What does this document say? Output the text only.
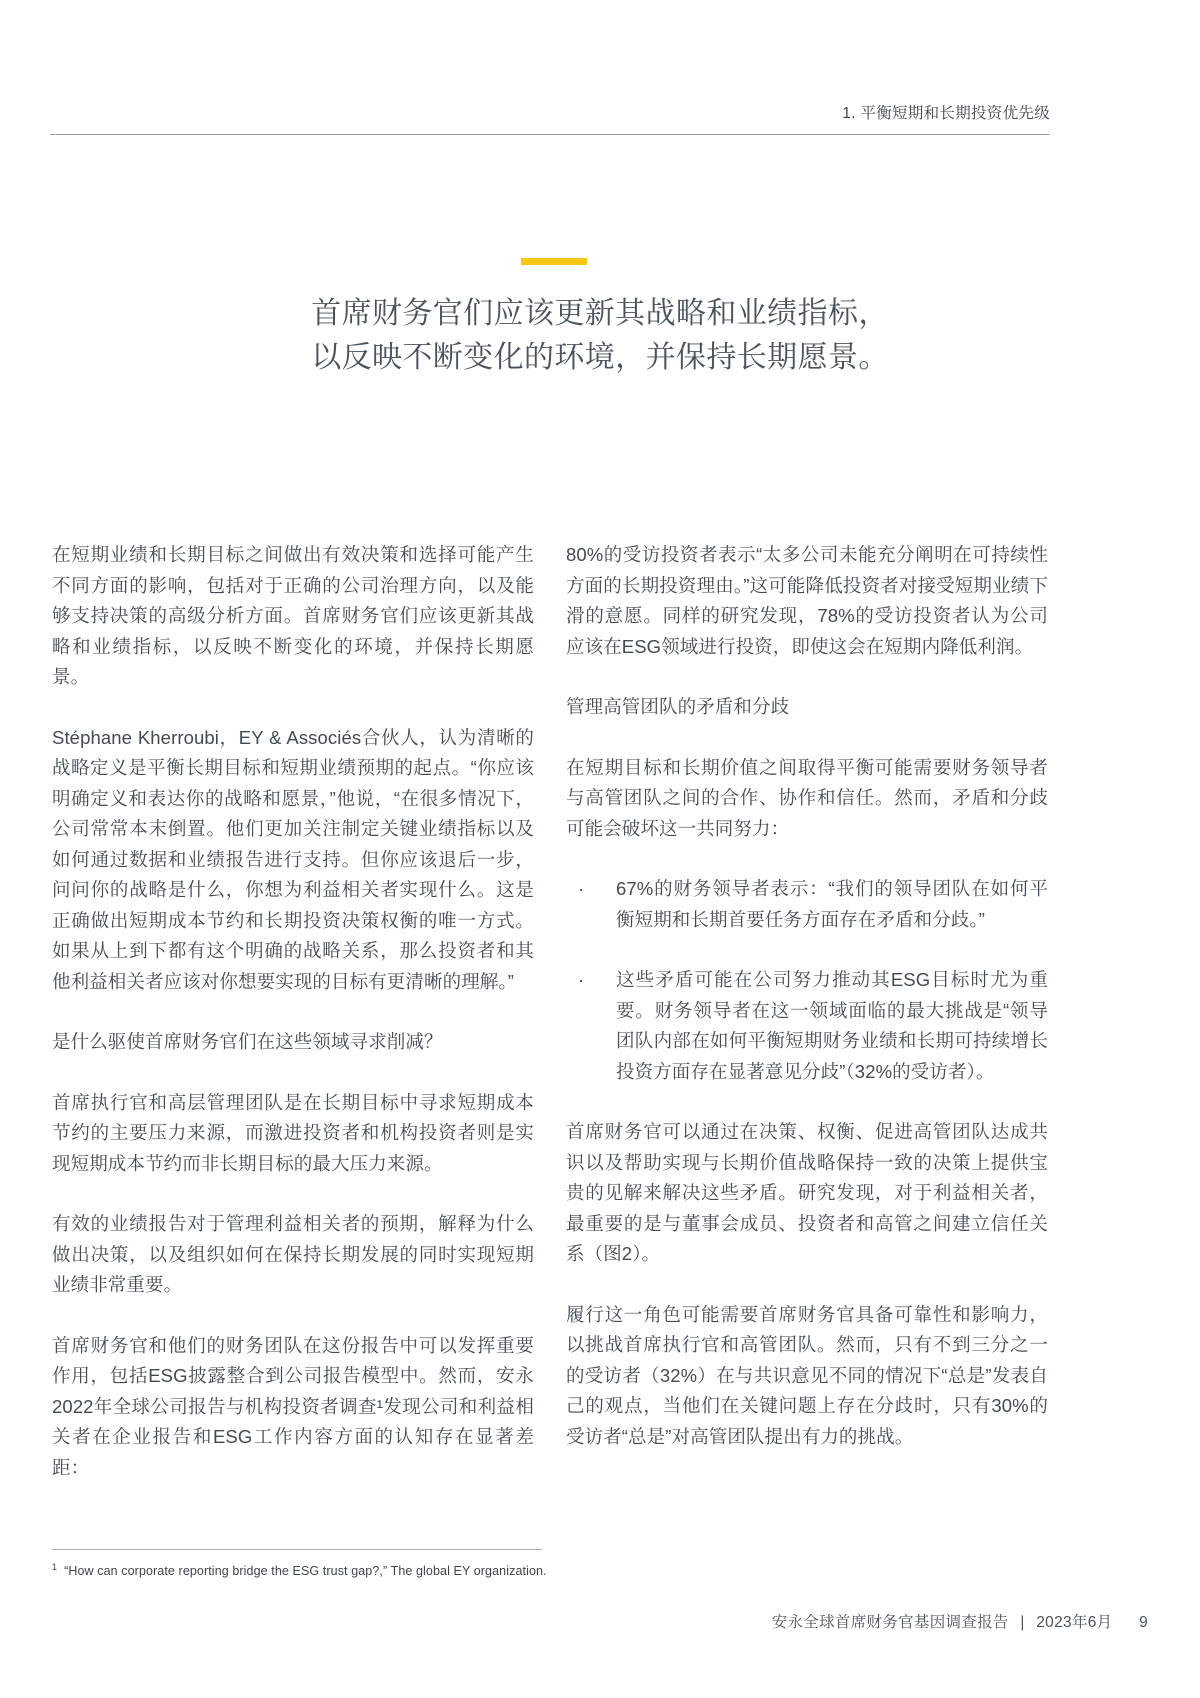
1. 平衡短期和长期投资优先级
首席财务官们应该更新其战略和业绩指标，
以反映不断变化的环境，并保持长期愿景。

在短期业绩和长期目标之间做出有效决策和选择可能产生不同方面的影响，包括对于正确的公司治理方向，以及能够支持决策的高级分析方面。首席财务官们应该更新其战略和业绩指标，以反映不断变化的环境，并保持长期愿景。

Stéphane Kherroubi，EY & Associés合伙人，认为清晰的战略定义是平衡长期目标和短期业绩预期的起点。“你应该明确定义和表达你的战略和愿景，”他说，“在很多情况下，公司常常本末倒置。他们更加关注制定关键业绩指标以及如何通过数据和业绩报告进行支持。但你应该退后一步，问问你的战略是什么，你想为利益相关者实现什么。这是正确做出短期成本节约和长期投资决策权衡的唯一方式。如果从上到下都有这个明确的战略关系，那么投资者和其他利益相关者应该对你想要实现的目标有更清晰的理解。”

是什么驱使首席财务官们在这些领域寻求削减？

首席执行官和高层管理团队是在长期目标中寻求短期成本节约的主要压力来源，而激进投资者和机构投资者则是实现短期成本节约而非长期目标的最大压力来源。

有效的业绩报告对于管理利益相关者的预期，解释为什么做出决策，以及组织如何在保持长期发展的同时实现短期业绩非常重要。

首席财务官和他们的财务团队在这份报告中可以发挥重要作用，包括ESG披露整合到公司报告模型中。然而，安永2022年全球公司报告与机构投资者调查¹发现公司和利益相关者在企业报告和ESG工作内容方面的认知存在显著差距：

80%的受访投资者表示“太多公司未能充分阐明在可持续性方面的长期投资理由。”这可能降低投资者对接受短期业绩下滑的意愿。同样的研究发现，78%的受访投资者认为公司应该在ESG领域进行投资，即使这会在短期内降低利润。

管理高管团队的矛盾和分歧

在短期目标和长期价值之间取得平衡可能需要财务领导者与高管团队之间的合作、协作和信任。然而，矛盾和分歧可能会破坏这一共同努力：

· 67%的财务领导者表示：“我们的领导团队在如何平衡短期和长期首要任务方面存在矛盾和分歧。”
· 这些矛盾可能在公司努力推动其ESG目标时尤为重要。财务领导者在这一领域面临的最大挑战是“领导团队内部在如何平衡短期财务业绩和长期可持续增长投资方面存在显著意见分歧”（32%的受访者）。

首席财务官可以通过在决策、权衡、促进高管团队达成共识以及帮助实现与长期价值战略保持一致的决策上提供宝贵的见解来解决这些矛盾。研究发现，对于利益相关者，最重要的是与董事会成员、投资者和高管之间建立信任关系（图2）。

履行这一角色可能需要首席财务官具备可靠性和影响力，以挑战首席执行官和高管团队。然而，只有不到三分之一的受访者（32%）在与共识意见不同的情况下“总是”发表自己的观点，当他们在关键问题上存在分歧时，只有30%的受访者“总是”对高管团队提出有力的挑战。

$^1$ “How can corporate reporting bridge the ESG trust gap?,” The global EY organization.
安永全球首席财务官基因调查报告 | 2023年6月 9
